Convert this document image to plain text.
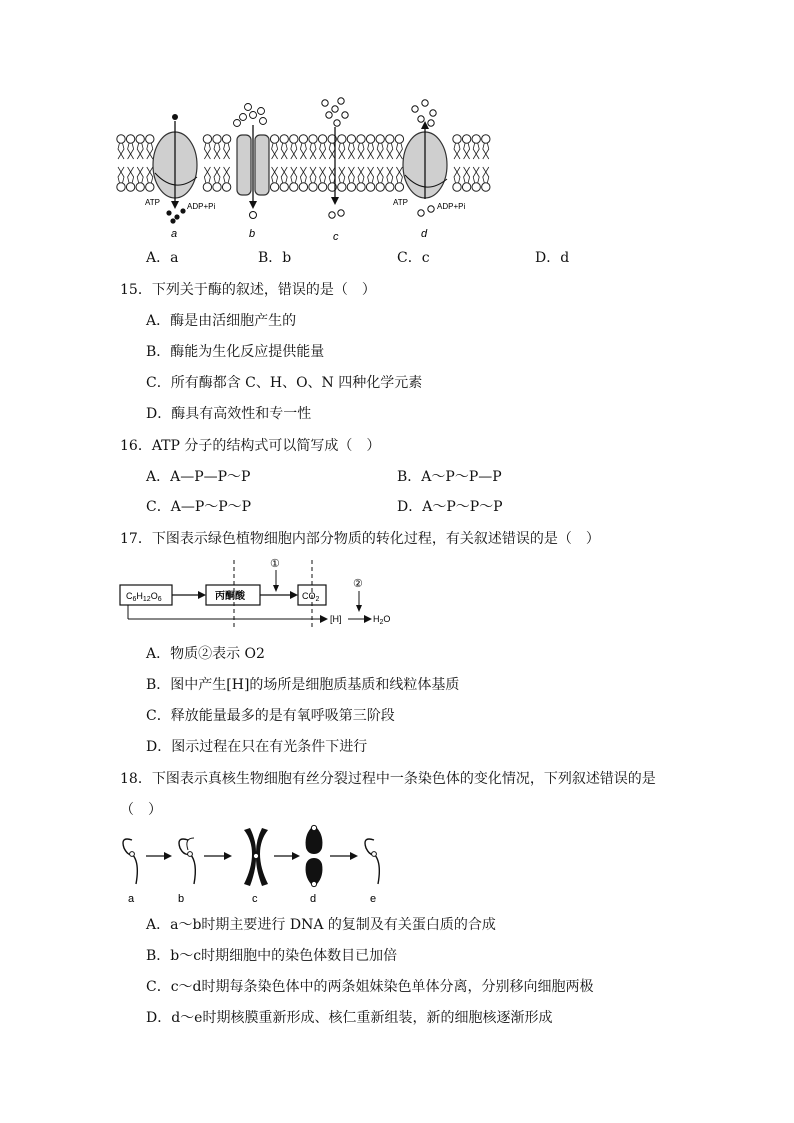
ATP	ADP+Pi	ATP	ADP+Pi
a	b	c	d
A．a	B．b	C．c	D．d
15．下列关于酶的叙述，错误的是（　）
A．酶是由活细胞产生的
B．酶能为生化反应提供能量
C．所有酶都含 C、H、O、N 四种化学元素
D．酶具有高效性和专一性
16．ATP 分子的结构式可以简写成（　）
A．A—P—P～P	B．A～P～P—P
C．A—P～P～P	D．A～P～P～P
17．下图表示绿色植物细胞内部分物质的转化过程，有关叙述错误的是（　）
$C_6H_{12}O_6$	丙酮酸
①
$CO_2$
[H]
②
$H_2O$
A．物质②表示 O2
B．图中产生[H]的场所是细胞质基质和线粒体基质
C．释放能量最多的是有氧呼吸第三阶段
D．图示过程在只在有光条件下进行
18．下图表示真核生物细胞有丝分裂过程中一条染色体的变化情况，下列叙述错误的是
（　）
a	b	c	d	e
A．a～b时期主要进行 DNA 的复制及有关蛋白质的合成
B．b～c时期细胞中的染色体数目已加倍
C．c～d时期每条染色体中的两条姐妹染色单体分离，分别移向细胞两极
D．d～e时期核膜重新形成、核仁重新组装，新的细胞核逐渐形成
